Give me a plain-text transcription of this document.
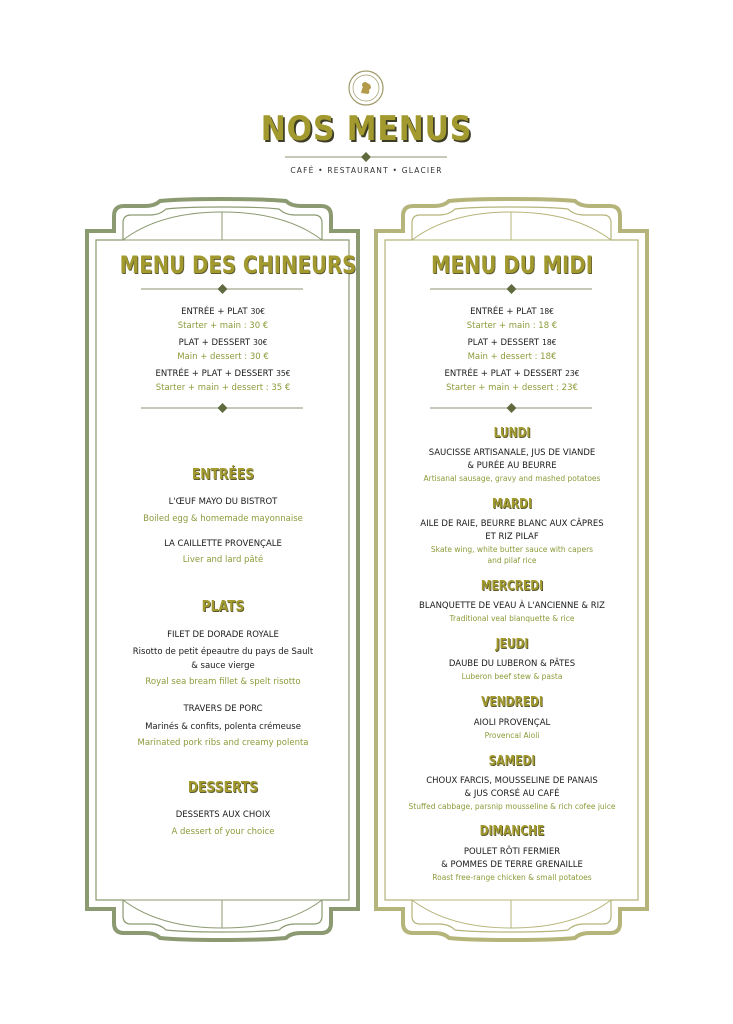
NOS MENUS
CAFÉ • RESTAURANT • GLACIER
MENU DES CHINEURS
ENTRÉE + PLAT 30€
Starter + main : 30 €
PLAT + DESSERT 30€
Main + dessert : 30 €
ENTRÉE + PLAT + DESSERT 35€
Starter + main + dessert : 35 €
ENTRÉES
L'ŒUF MAYO DU BISTROT
Boiled egg & homemade mayonnaise
LA CAILLETTE PROVENÇALE
Liver and lard pâté
PLATS
FILET DE DORADE ROYALE
Risotto de petit épeautre du pays de Sault
& sauce vierge
Royal sea bream fillet & spelt risotto
TRAVERS DE PORC
Marinés & confits, polenta crémeuse
Marinated pork ribs and creamy polenta
DESSERTS
DESSERTS AUX CHOIX
A dessert of your choice
MENU DU MIDI
ENTRÉE + PLAT 18€
Starter + main : 18 €
PLAT + DESSERT 18€
Main + dessert : 18€
ENTRÉE + PLAT + DESSERT 23€
Starter + main + dessert : 23€
LUNDI
SAUCISSE ARTISANALE, JUS DE VIANDE
& PURÉE AU BEURRE
Artisanal sausage, gravy and mashed potatoes
MARDI
AILE DE RAIE, BEURRE BLANC AUX CÂPRES
ET RIZ PILAF
Skate wing, white butter sauce with capers
and pilaf rice
MERCREDI
BLANQUETTE DE VEAU À L'ANCIENNE & RIZ
Traditional veal blanquette & rice
JEUDI
DAUBE DU LUBERON & PÂTES
Luberon beef stew & pasta
VENDREDI
AIOLI PROVENÇAL
Provencal Aioli
SAMEDI
CHOUX FARCIS, MOUSSELINE DE PANAIS
& JUS CORSÉ AU CAFÉ
Stuffed cabbage, parsnip mousseline & rich cofee juice
DIMANCHE
POULET RÔTI FERMIER
& POMMES DE TERRE GRENAILLE
Roast free-range chicken & small potatoes
